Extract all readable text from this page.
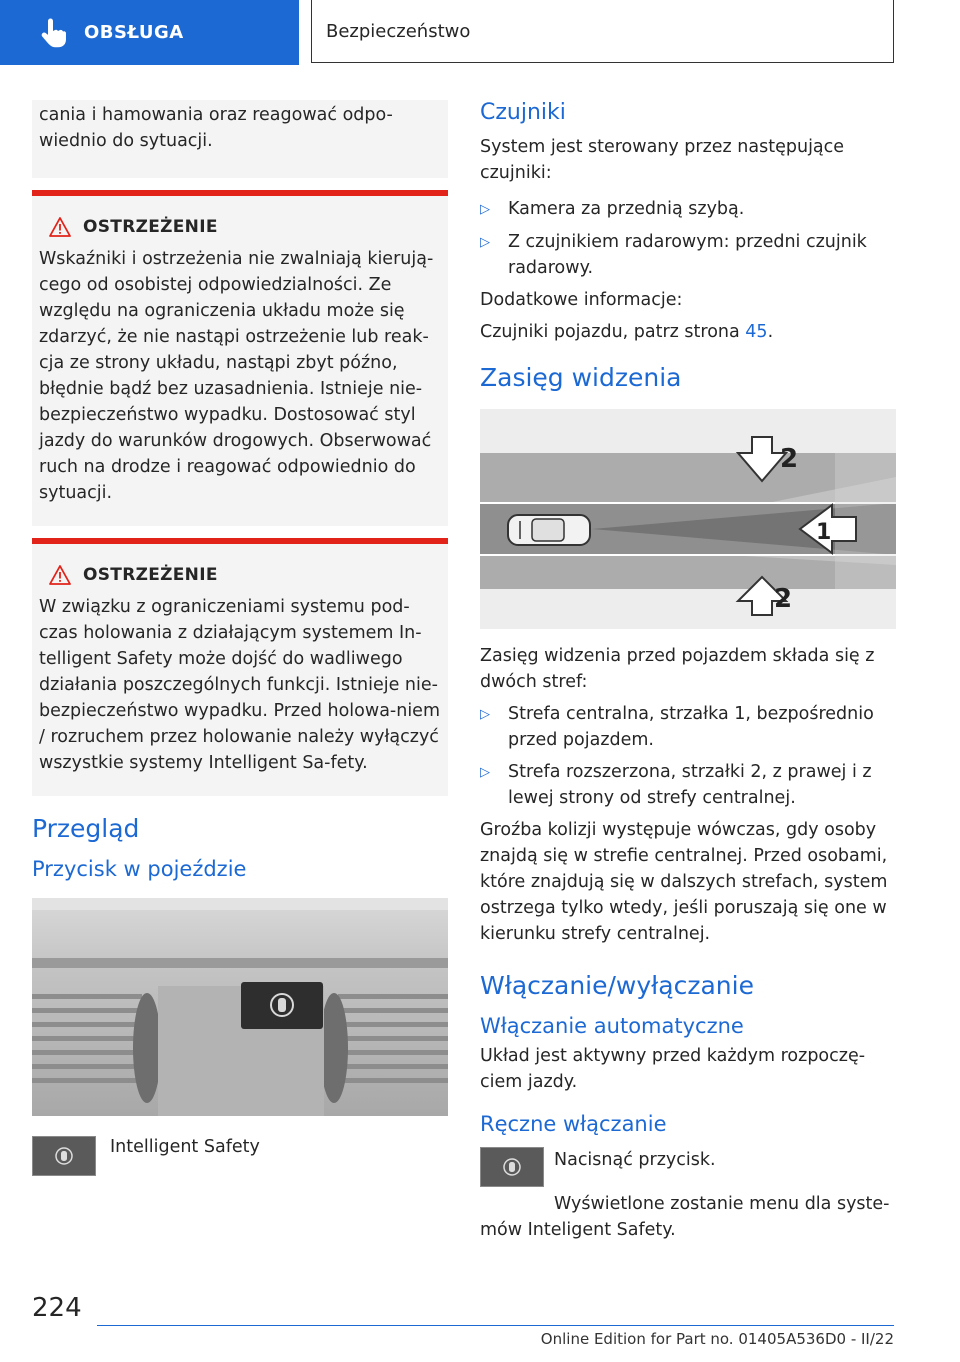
OBSŁUGA	Bezpieczeństwo

cania i hamowania oraz reagować odpo-wiedn​io do sytuacji.

OSTRZEŻENIE

Wskaźniki i ostrzeżenia nie zwalniają kierują-cego od osobistej odpowiedzialności. Ze względu na ograniczenia układu może się zdarzyć, że nie nastąpi ostrzeżenie lub reak-cja ze strony układu, nastąpi zbyt późno, błędnie bądź bez uzasadnienia. Istnieje nie-bezpieczeństwo wypadku. Dostosować styl jazdy do warunków drogowych. Obserwować ruch na drodze i reagować odpowiednio do sytuacji.

OSTRZEŻENIE

W związku z ograniczeniami systemu pod-czas holowania z działającym systemem In-telligent Safety może dojść do wadliwego działania poszczególnych funkcji. Istnieje nie-bezpieczeństwo wypadku. Przed holowa-niem / rozruchem przez holowanie należy wyłączyć wszystkie systemy Intelligent Sa-fety.

Przegląd
Przycisk w pojeździe
Intelligent Safety
Czujniki

System jest sterowany przez następujące czujniki:

▷	Kamera za przednią szybą.
▷	Z czujnikiem radarowym: przedni czujnik radarowy.

Dodatkowe informacje:

Czujniki pojazdu, patrz strona 45.

Zasięg widzenia
2
1
2

Zasięg widzenia przed pojazdem składa się z dwóch stref:

▷	Strefa centralna, strzałka 1, bezpośrednio przed pojazdem.
▷	Strefa rozszerzona, strzałki 2, z prawej i z lewej strony od strefy centralnej.

Groźba kolizji występuje wówczas, gdy osoby znajdą się w strefie centralnej. Przed osobami, które znajdują się w dalszych strefach, system ostrzega tylko wtedy, jeśli poruszają się one w kierunku strefy centralnej.

Włączanie/wyłączanie
Włączanie automatyczne

Układ jest aktywny przed każdym rozpoczę-ciem jazdy.

Ręczne włączanie

Nacisnąć przycisk.

Wyświetlone zostanie menu dla syste-mów Inteligent Safety.

224
Online Edition for Part no. 01405A536D0 - II/22
